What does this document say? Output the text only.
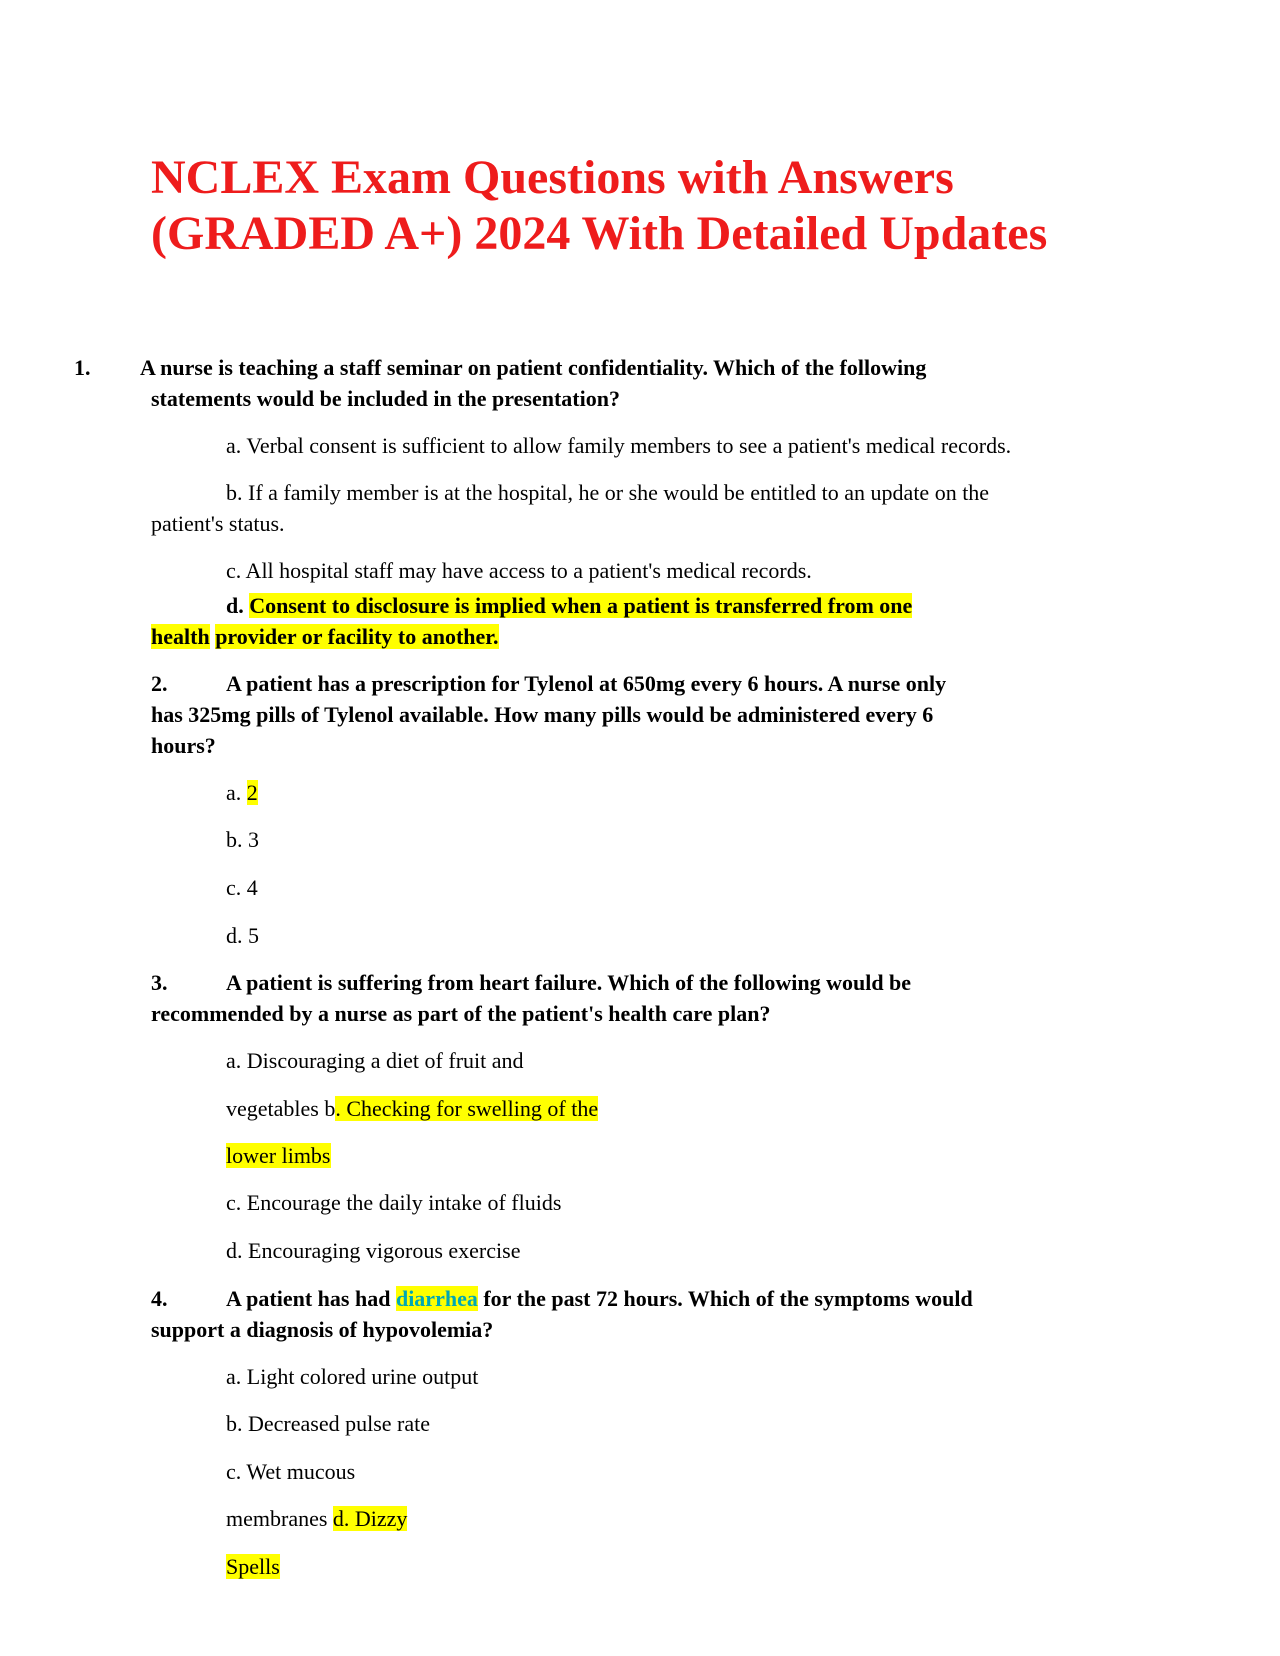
NCLEX Exam Questions with Answers
(GRADED A+) 2024 With Detailed Updates
1. A nurse is teaching a staff seminar on patient confidentiality. Which of the following
statements would be included in the presentation?
a. Verbal consent is sufficient to allow family members to see a patient's medical records.
b. If a family member is at the hospital, he or she would be entitled to an update on the
patient's status.
c. All hospital staff may have access to a patient's medical records.
d. Consent to disclosure is implied when a patient is transferred from one
health provider or facility to another.
2.	A patient has a prescription for Tylenol at 650mg every 6 hours. A nurse only
has 325mg pills of Tylenol available. How many pills would be administered every 6
hours?
a. 2
b. 3
c. 4
d. 5
3.	A patient is suffering from heart failure. Which of the following would be
recommended by a nurse as part of the patient's health care plan?
a. Discouraging a diet of fruit and
vegetables b. Checking for swelling of the
lower limbs
c. Encourage the daily intake of fluids
d. Encouraging vigorous exercise
4.	A patient has had diarrhea for the past 72 hours. Which of the symptoms would
support a diagnosis of hypovolemia?
a. Light colored urine output
b. Decreased pulse rate
c. Wet mucous
membranes d. Dizzy
Spells
